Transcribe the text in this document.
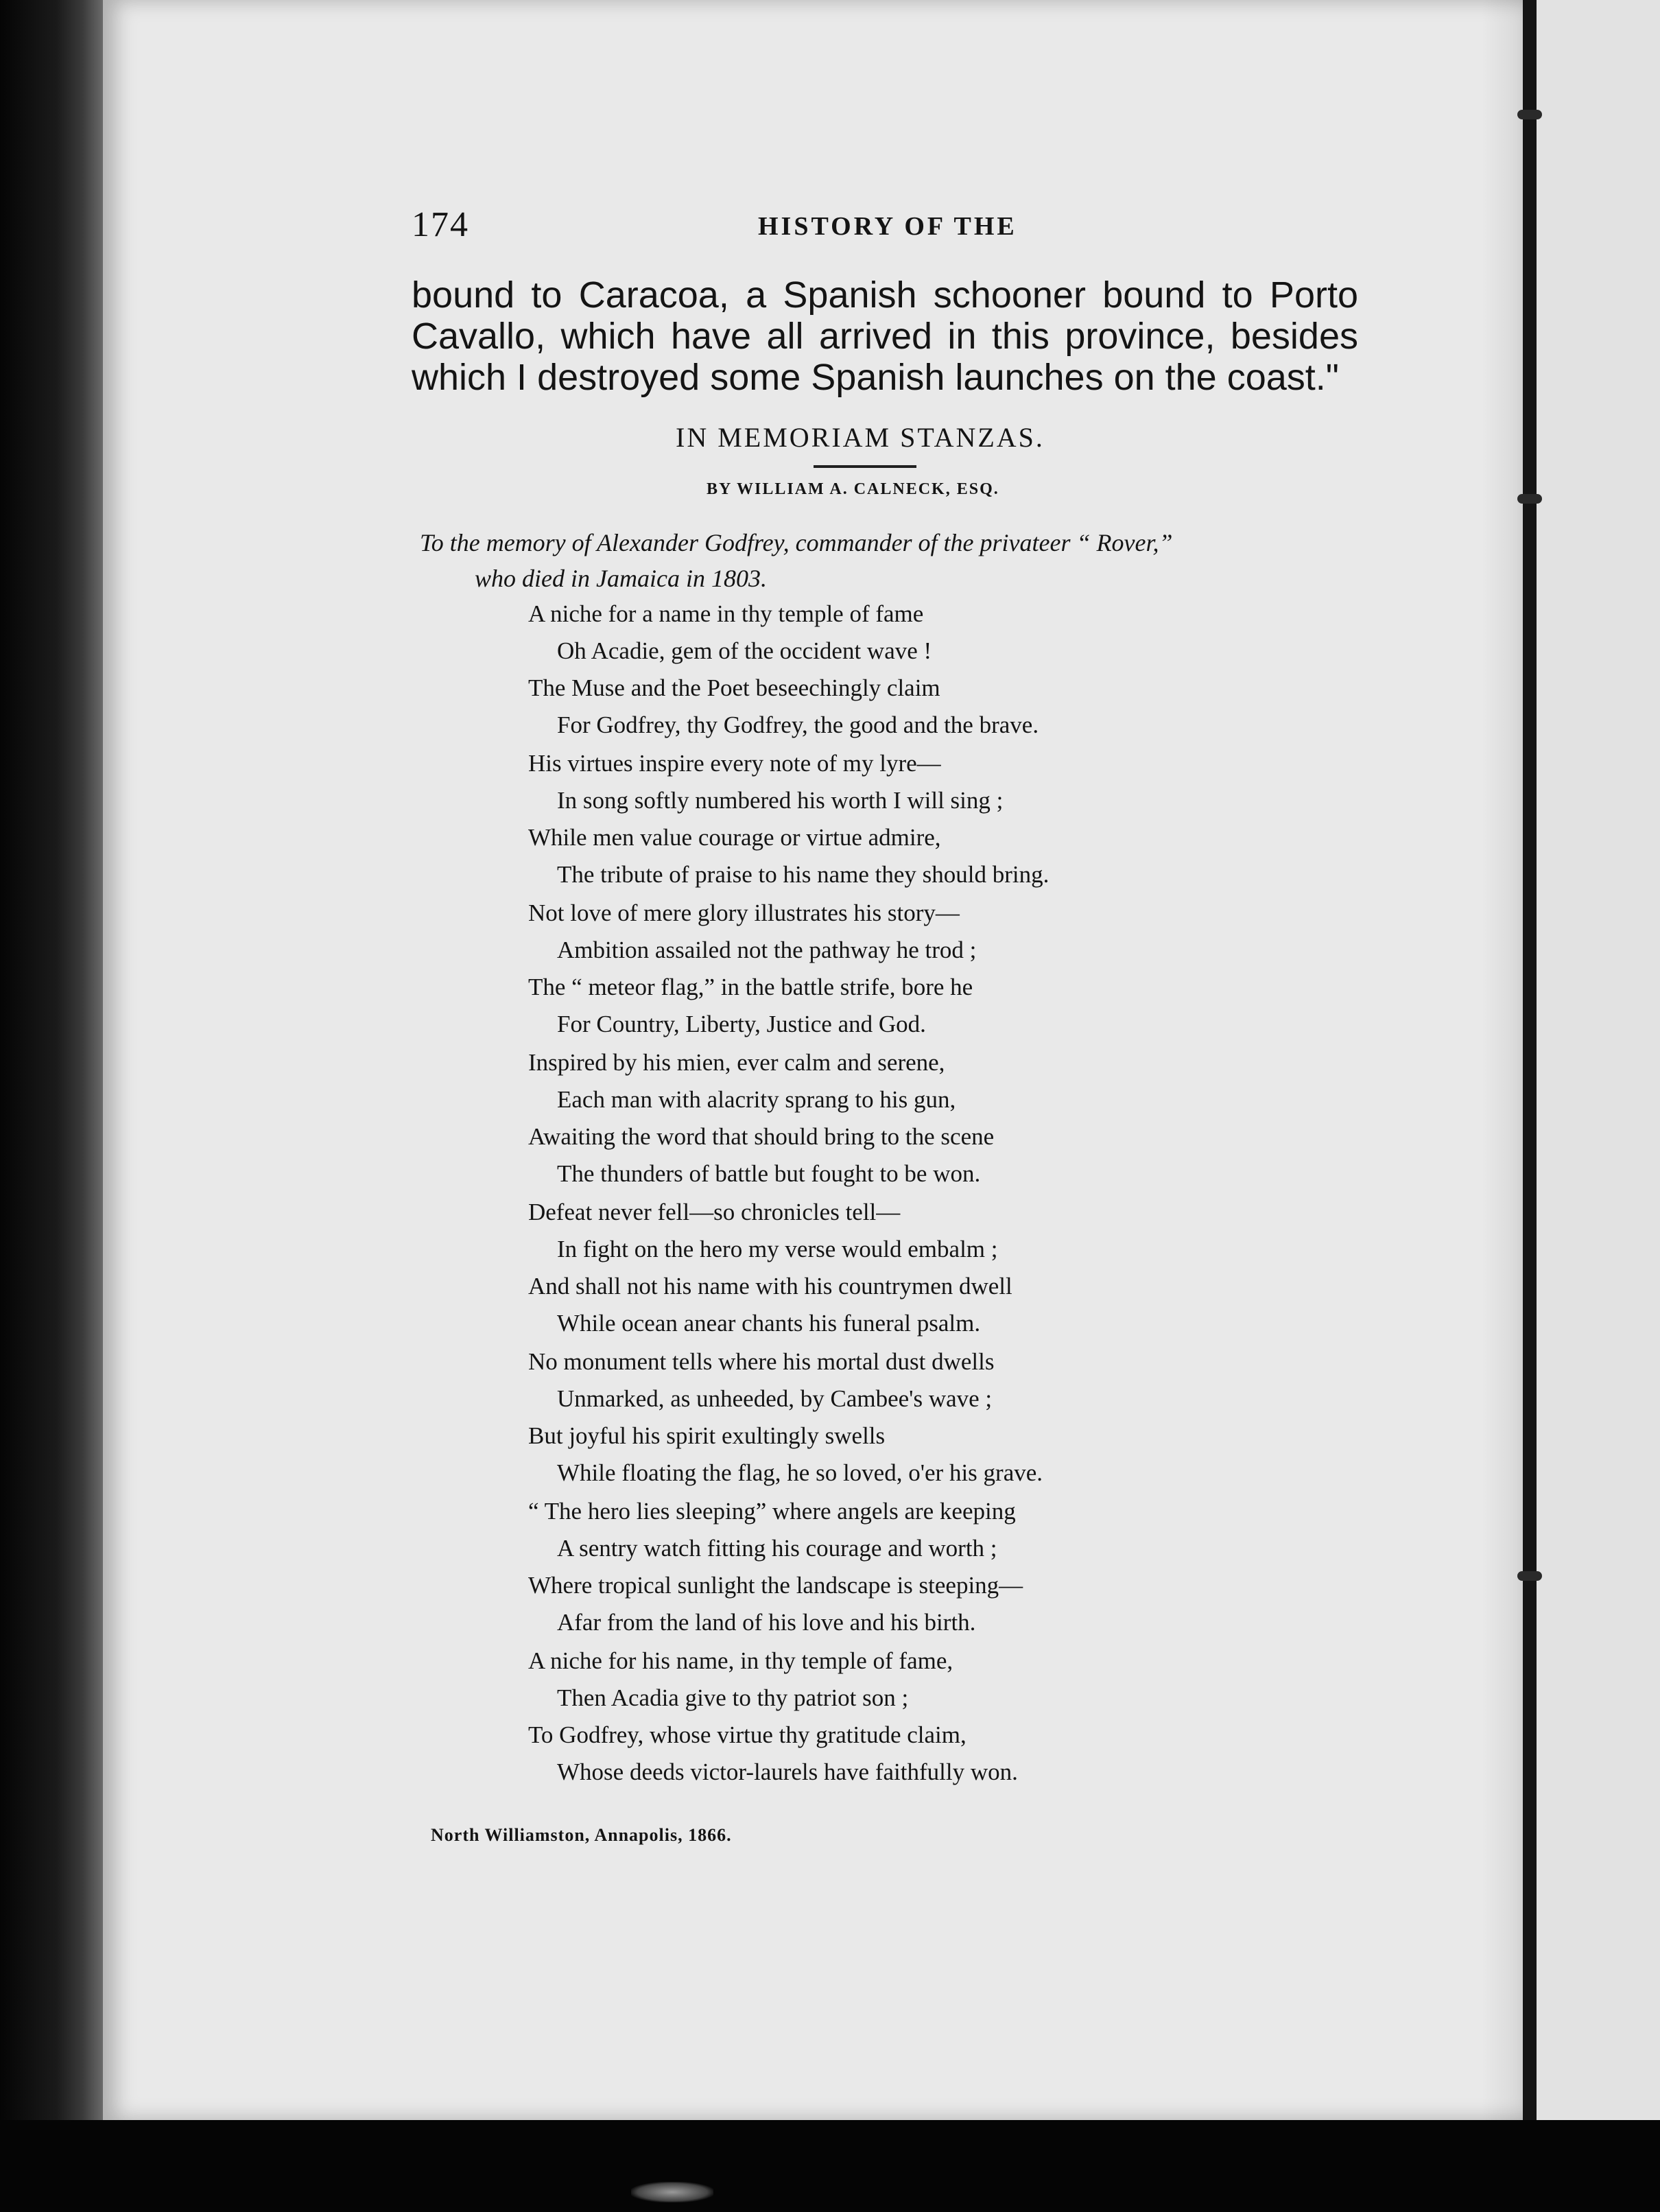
174	HISTORY OF THE
bound to Caracoa, a Spanish schooner bound to Porto
Cavallo, which have all arrived in this province, besides
which I destroyed some Spanish launches on the coast."
IN MEMORIAM STANZAS.
BY WILLIAM A. CALNECK, ESQ.
To the memory of Alexander Godfrey, commander of the privateer “ Rover,”
who died in Jamaica in 1803.
A niche for a name in thy temple of fame
Oh Acadie, gem of the occident wave !
The Muse and the Poet beseechingly claim
For Godfrey, thy Godfrey, the good and the brave.
His virtues inspire every note of my lyre—
In song softly numbered his worth I will sing ;
While men value courage or virtue admire,
The tribute of praise to his name they should bring.
Not love of mere glory illustrates his story—
Ambition assailed not the pathway he trod ;
The “ meteor flag,” in the battle strife, bore he
For Country, Liberty, Justice and God.
Inspired by his mien, ever calm and serene,
Each man with alacrity sprang to his gun,
Awaiting the word that should bring to the scene
The thunders of battle but fought to be won.
Defeat never fell—so chronicles tell—
In fight on the hero my verse would embalm ;
And shall not his name with his countrymen dwell
While ocean anear chants his funeral psalm.
No monument tells where his mortal dust dwells
Unmarked, as unheeded, by Cambee's wave ;
But joyful his spirit exultingly swells
While floating the flag, he so loved, o'er his grave.
“ The hero lies sleeping” where angels are keeping
A sentry watch fitting his courage and worth ;
Where tropical sunlight the landscape is steeping—
Afar from the land of his love and his birth.
A niche for his name, in thy temple of fame,
Then Acadia give to thy patriot son ;
To Godfrey, whose virtue thy gratitude claim,
Whose deeds victor-laurels have faithfully won.
North Williamston, Annapolis, 1866.
